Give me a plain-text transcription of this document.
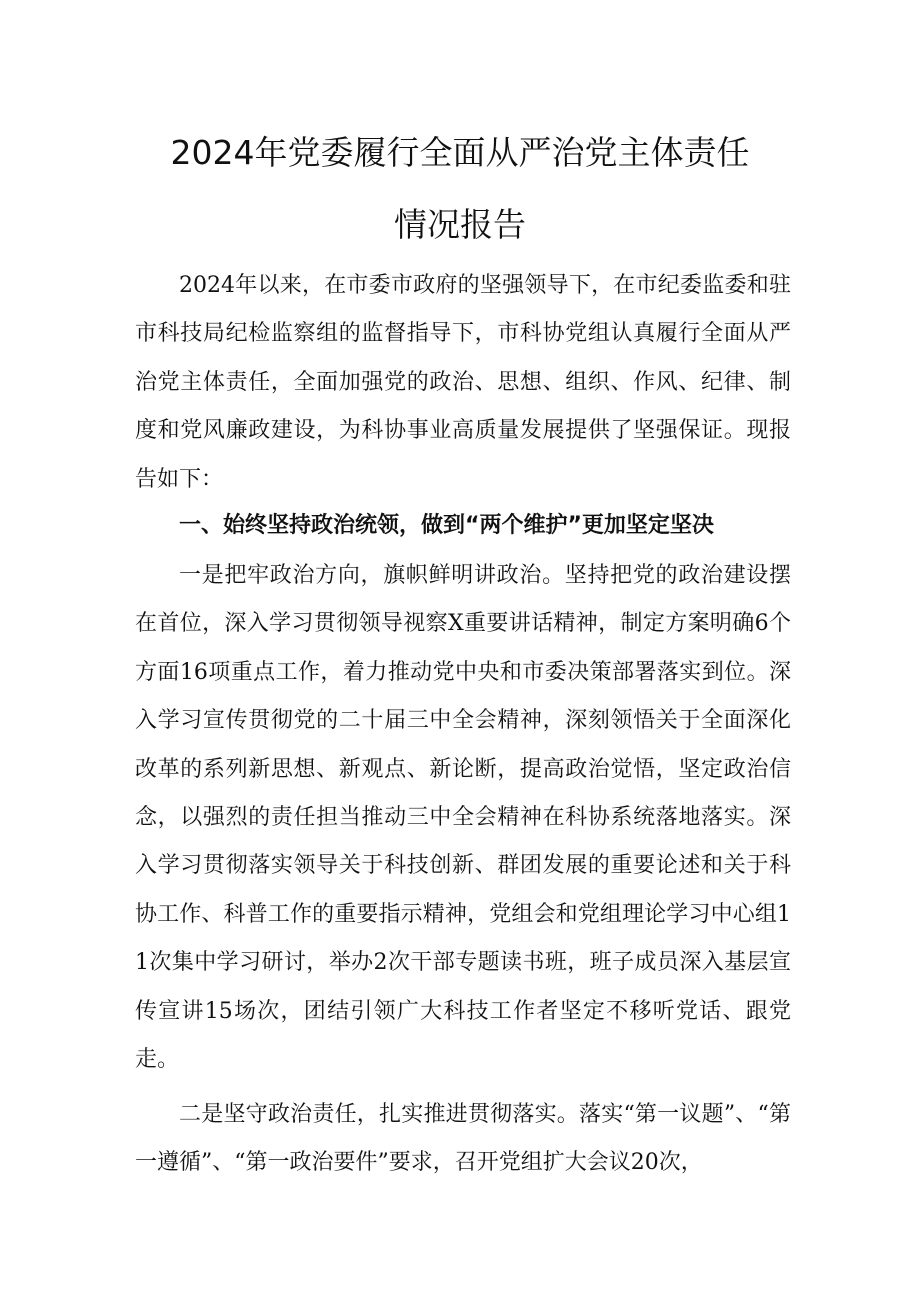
2024年党委履行全面从严治党主体责任
情况报告

2024年以来，在市委市政府的坚强领导下，在市纪委监委和驻市科技局纪检监察组的监督指导下，市科协党组认真履行全面从严治党主体责任，全面加强党的政治、思想、组织、作风、纪律、制度和党风廉政建设，为科协事业高质量发展提供了坚强保证。现报告如下：

一、始终坚持政治统领，做到“两个维护”更加坚定坚决

一是把牢政治方向，旗帜鲜明讲政治。坚持把党的政治建设摆在首位，深入学习贯彻领导视察X重要讲话精神，制定方案明确6个方面16项重点工作，着力推动党中央和市委决策部署落实到位。深入学习宣传贯彻党的二十届三中全会精神，深刻领悟关于全面深化改革的系列新思想、新观点、新论断，提高政治觉悟，坚定政治信念，以强烈的责任担当推动三中全会精神在科协系统落地落实。深入学习贯彻落实领导关于科技创新、群团发展的重要论述和关于科协工作、科普工作的重要指示精神，党组会和党组理论学习中心组11次集中学习研讨，举办2次干部专题读书班，班子成员深入基层宣传宣讲15场次，团结引领广大科技工作者坚定不移听党话、跟党走。

二是坚守政治责任，扎实推进贯彻落实。落实“第一议题”、“第一遵循”、“第一政治要件”要求，召开党组扩大会议20次，
